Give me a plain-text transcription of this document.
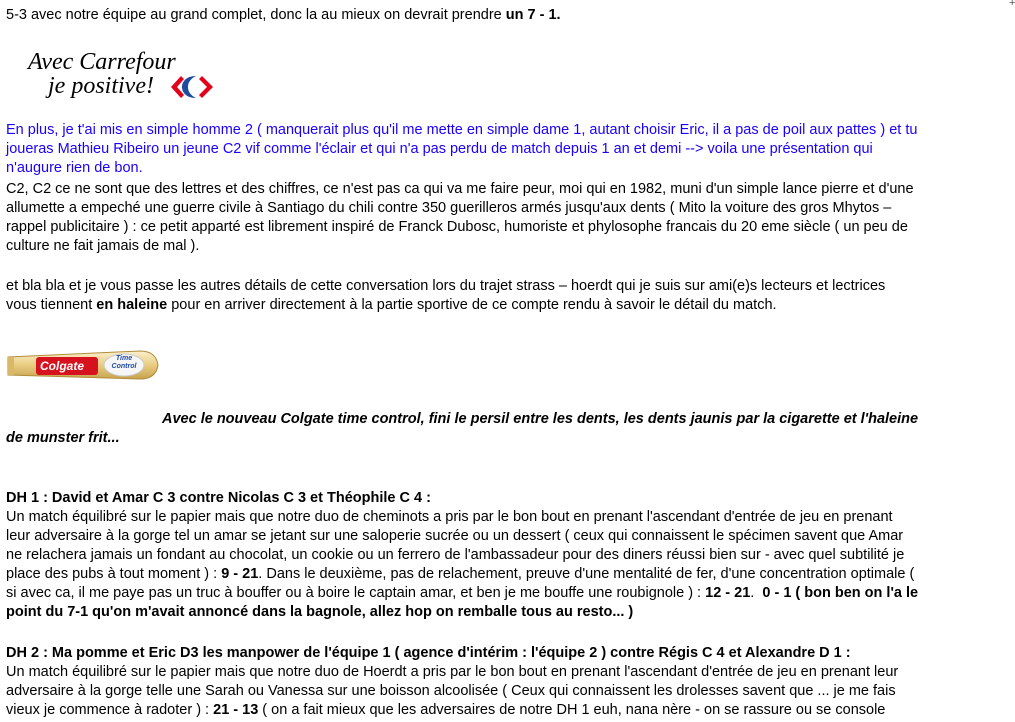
+

5-3 avec notre équipe au grand complet, donc la au mieux on devrait prendre un 7 - 1.

En plus, je t'ai mis en simple homme 2 ( manquerait plus qu'il me mette en simple dame 1, autant choisir Eric, il a pas de poil aux pattes ) et tu

joueras Mathieu Ribeiro un jeune C2 vif comme l'éclair et qui n'a pas perdu de match depuis 1 an et demi --> voila une présentation qui

n'augure rien de bon.

C2, C2 ce ne sont que des lettres et des chiffres, ce n'est pas ca qui va me faire peur, moi qui en 1982, muni d'un simple lance pierre et d'une

allumette a empeché une guerre civile à Santiago du chili contre 350 guerilleros armés jusqu'aux dents ( Mito la voiture des gros Mhytos –

rappel publicitaire ) : ce petit apparté est librement inspiré de Franck Dubosc, humoriste et phylosophe francais du 20 eme siècle ( un peu de

culture ne fait jamais de mal ).

et bla bla et je vous passe les autres détails de cette conversation lors du trajet strass – hoerdt qui je suis sur ami(e)s lecteurs et lectrices

vous tiennent en haleine pour en arriver directement à la partie sportive de ce compte rendu à savoir le détail du match.

Avec le nouveau Colgate time control, fini le persil entre les dents, les dents jaunis par la cigarette et l'haleine

de munster frit...

DH 1 : David et Amar C 3 contre Nicolas C 3 et Théophile C 4 :

Un match équilibré sur le papier mais que notre duo de cheminots a pris par le bon bout en prenant l'ascendant d'entrée de jeu en prenant

leur adversaire à la gorge tel un amar se jetant sur une saloperie sucrée ou un dessert ( ceux qui connaissent le spécimen savent que Amar

ne relachera jamais un fondant au chocolat, un cookie ou un ferrero de l'ambassadeur pour des diners réussi bien sur - avec quel subtilité je

place des pubs à tout moment ) : 9 - 21. Dans le deuxième, pas de relachement, preuve d'une mentalité de fer, d'une concentration optimale (

si avec ca, il me paye pas un truc à bouffer ou à boire le captain amar, et ben je me bouffe une roubignole ) : 12 - 21.  0 - 1 ( bon ben on l'a le

point du 7-1 qu'on m'avait annoncé dans la bagnole, allez hop on remballe tous au resto... )

DH 2 : Ma pomme et Eric D3 les manpower de l'équipe 1 ( agence d'intérim : l'équipe 2 ) contre Régis C 4 et Alexandre D 1 :

Un match équilibré sur le papier mais que notre duo de Hoerdt a pris par le bon bout en prenant l'ascendant d'entrée de jeu en prenant leur

adversaire à la gorge telle une Sarah ou Vanessa sur une boisson alcoolisée ( Ceux qui connaissent les drolesses savent que ... je me fais

vieux je commence à radoter ) : 21 - 13 ( on a fait mieux que les adversaires de notre DH 1 euh, nana nère - on se rassure ou se console

Avec Carrefour
je positive!
Colgate
Time
Control
